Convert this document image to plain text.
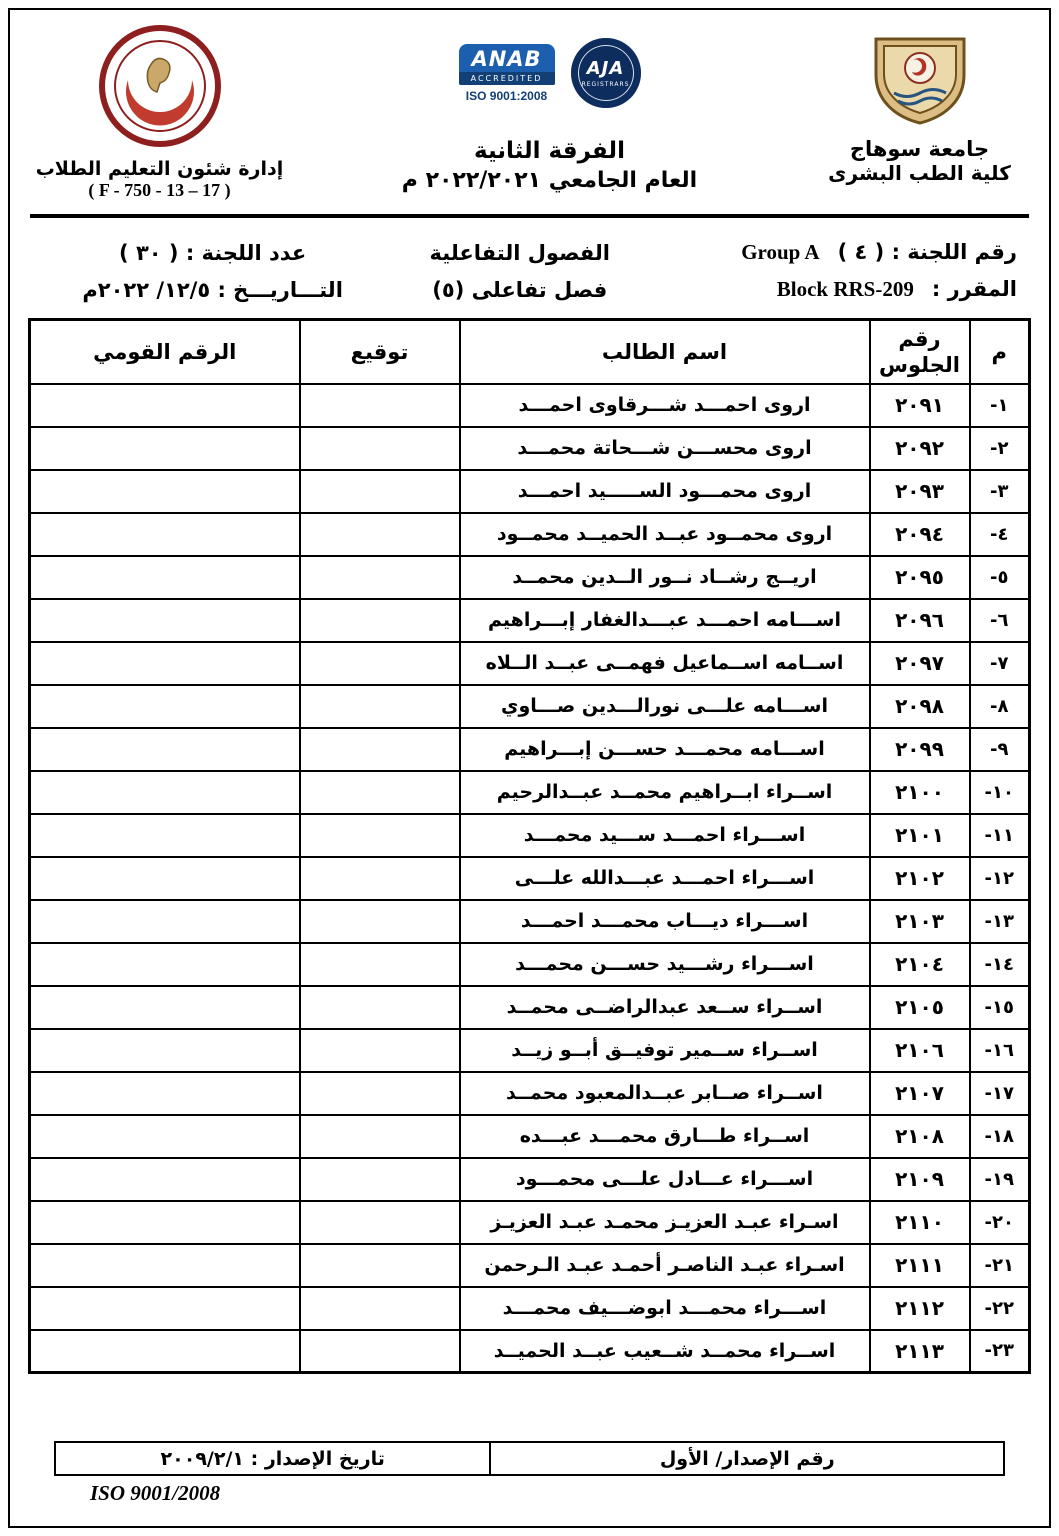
جامعة سوهاج
كلية الطب البشرى
ANAB
ACCREDITED
ISO 9001:2008
AJA
REGISTRARS
الفرقة الثانية
العام الجامعي ٢٠٢٢/٢٠٢١ م
إدارة شئون التعليم الطلاب
( F - 750 - 13 – 17 )
رقم اللجنة : ( ٤ )
Group A
الفصول التفاعلية
عدد اللجنة : ( ٣٠ )
المقرر :
Block RRS-209
فصل تفاعلى (٥)
التـــاريـــخ : ١٢/٥/ ٢٠٢٢م
م	رقم الجلوس	اسم الطالب	توقيع	الرقم القومي
١-	٢٠٩١	اروى احمـــد شـــرقاوى احمـــد		
٢-	٢٠٩٢	اروى محســـن شـــحاتة محمـــد		
٣-	٢٠٩٣	اروى محمـــود الســـــيد احمـــد		
٤-	٢٠٩٤	اروى محمــود عبــد الحميــد محمــود		
٥-	٢٠٩٥	اريــج رشــاد نــور الــدين محمــد		
٦-	٢٠٩٦	اســـامه احمـــد عبـــدالغفار إبـــراهيم		
٧-	٢٠٩٧	اســامه اســماعيل فهمــى عبــد الــلاه		
٨-	٢٠٩٨	اســـامه علـــى نورالـــدين صـــاوي		
٩-	٢٠٩٩	اســـامه محمـــد حســـن إبـــراهيم		
١٠-	٢١٠٠	اســراء ابــراهيم محمــد عبــدالرحيم		
١١-	٢١٠١	اســـراء احمـــد ســـيد محمـــد		
١٢-	٢١٠٢	اســـراء احمـــد عبـــدالله علـــى		
١٣-	٢١٠٣	اســـراء ديـــاب محمـــد احمـــد		
١٤-	٢١٠٤	اســـراء رشـــيد حســـن محمـــد		
١٥-	٢١٠٥	اســراء ســعد عبدالراضــى محمــد		
١٦-	٢١٠٦	اســراء ســمير توفيــق أبــو زيــد		
١٧-	٢١٠٧	اســراء صــابر عبــدالمعبود محمــد		
١٨-	٢١٠٨	اســراء طـــارق محمـــد عبـــده		
١٩-	٢١٠٩	اســـراء عـــادل علـــى محمـــود		
٢٠-	٢١١٠	اسـراء عبـد العزيـز محمـد عبـد العزيـز		
٢١-	٢١١١	اسـراء عبـد الناصـر أحمـد عبـد الـرحمن		
٢٢-	٢١١٢	اســـراء محمـــد ابوضـــيف محمـــد		
٢٣-	٢١١٣	اســراء محمــد شــعيب عبــد الحميــد		
رقم الإصدار/ الأول
تاريخ الإصدار : ٢٠٠٩/٢/١
ISO 9001/2008
